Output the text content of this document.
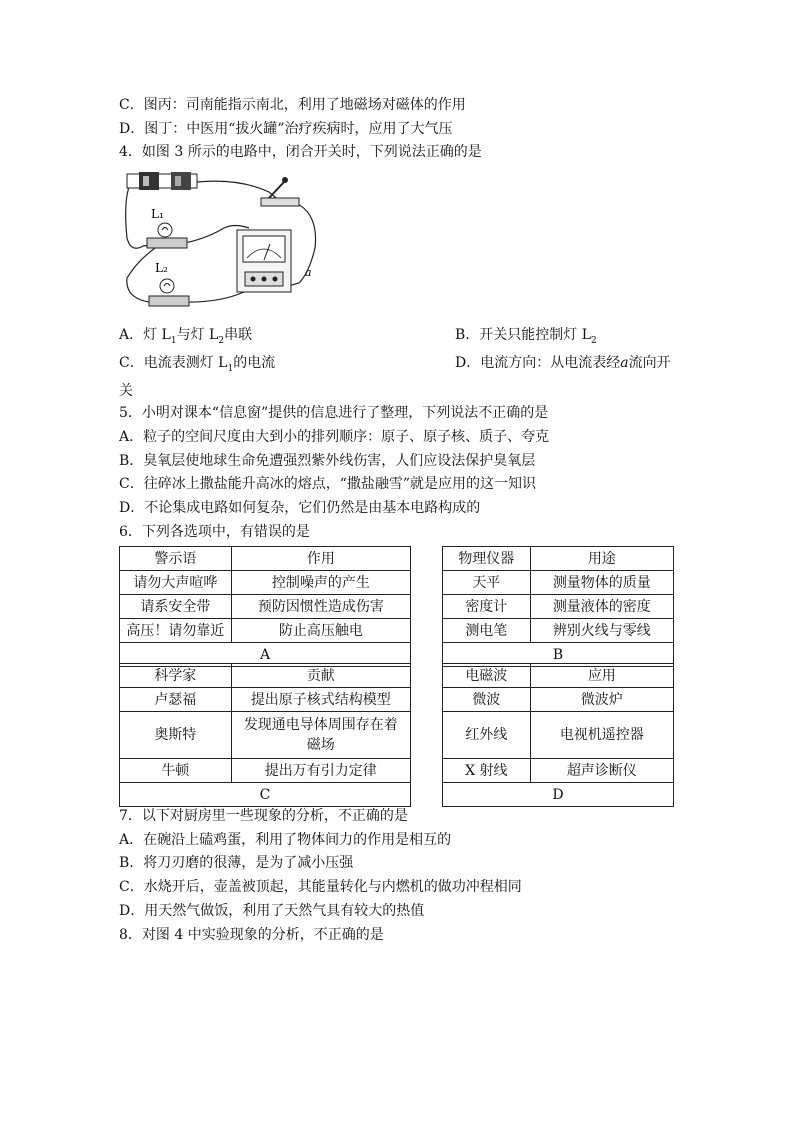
C．图丙：司南能指示南北，利用了地磁场对磁体的作用
D．图丁：中医用“拔火罐”治疗疾病时，应用了大气压
4．如图 3 所示的电路中，闭合开关时，下列说法正确的是
L₁
L₂	a
A．灯 $L_1$与灯 $L_2$串联	B．开关只能控制灯 $L_2$
C．电流表测灯 $L_1$的电流	D．电流方向：从电流表经a流向开
关
5．小明对课本“信息窗”提供的信息进行了整理，下列说法不正确的是
A．粒子的空间尺度由大到小的排列顺序：原子、原子核、质子、夸克
B．臭氧层使地球生命免遭强烈紫外线伤害，人们应设法保护臭氧层
C．往碎冰上撒盐能升高冰的熔点，“撒盐融雪”就是应用的这一知识
D．不论集成电路如何复杂，它们仍然是由基本电路构成的
6．下列各选项中，有错误的是
警示语	作用
请勿大声喧哗	控制噪声的产生
请系安全带	预防因惯性造成伤害
高压！请勿靠近	防止高压触电
A	
物理仪器	用途
天平	测量物体的质量
密度计	测量液体的密度
测电笔	辨别火线与零线
B	
科学家	贡献
卢瑟福	提出原子核式结构模型
奥斯特	发现通电导体周围存在着
磁场

牛顿	提出万有引力定律
C	
电磁波	应用
微波	微波炉
红外线	电视机遥控器
X 射线	超声诊断仪
D	
7．以下对厨房里一些现象的分析，不正确的是
A．在碗沿上磕鸡蛋，利用了物体间力的作用是相互的
B．将刀刃磨的很薄，是为了减小压强
C．水烧开后，壶盖被顶起，其能量转化与内燃机的做功冲程相同
D．用天然气做饭，利用了天然气具有较大的热值
8．对图 4 中实验现象的分析，不正确的是
